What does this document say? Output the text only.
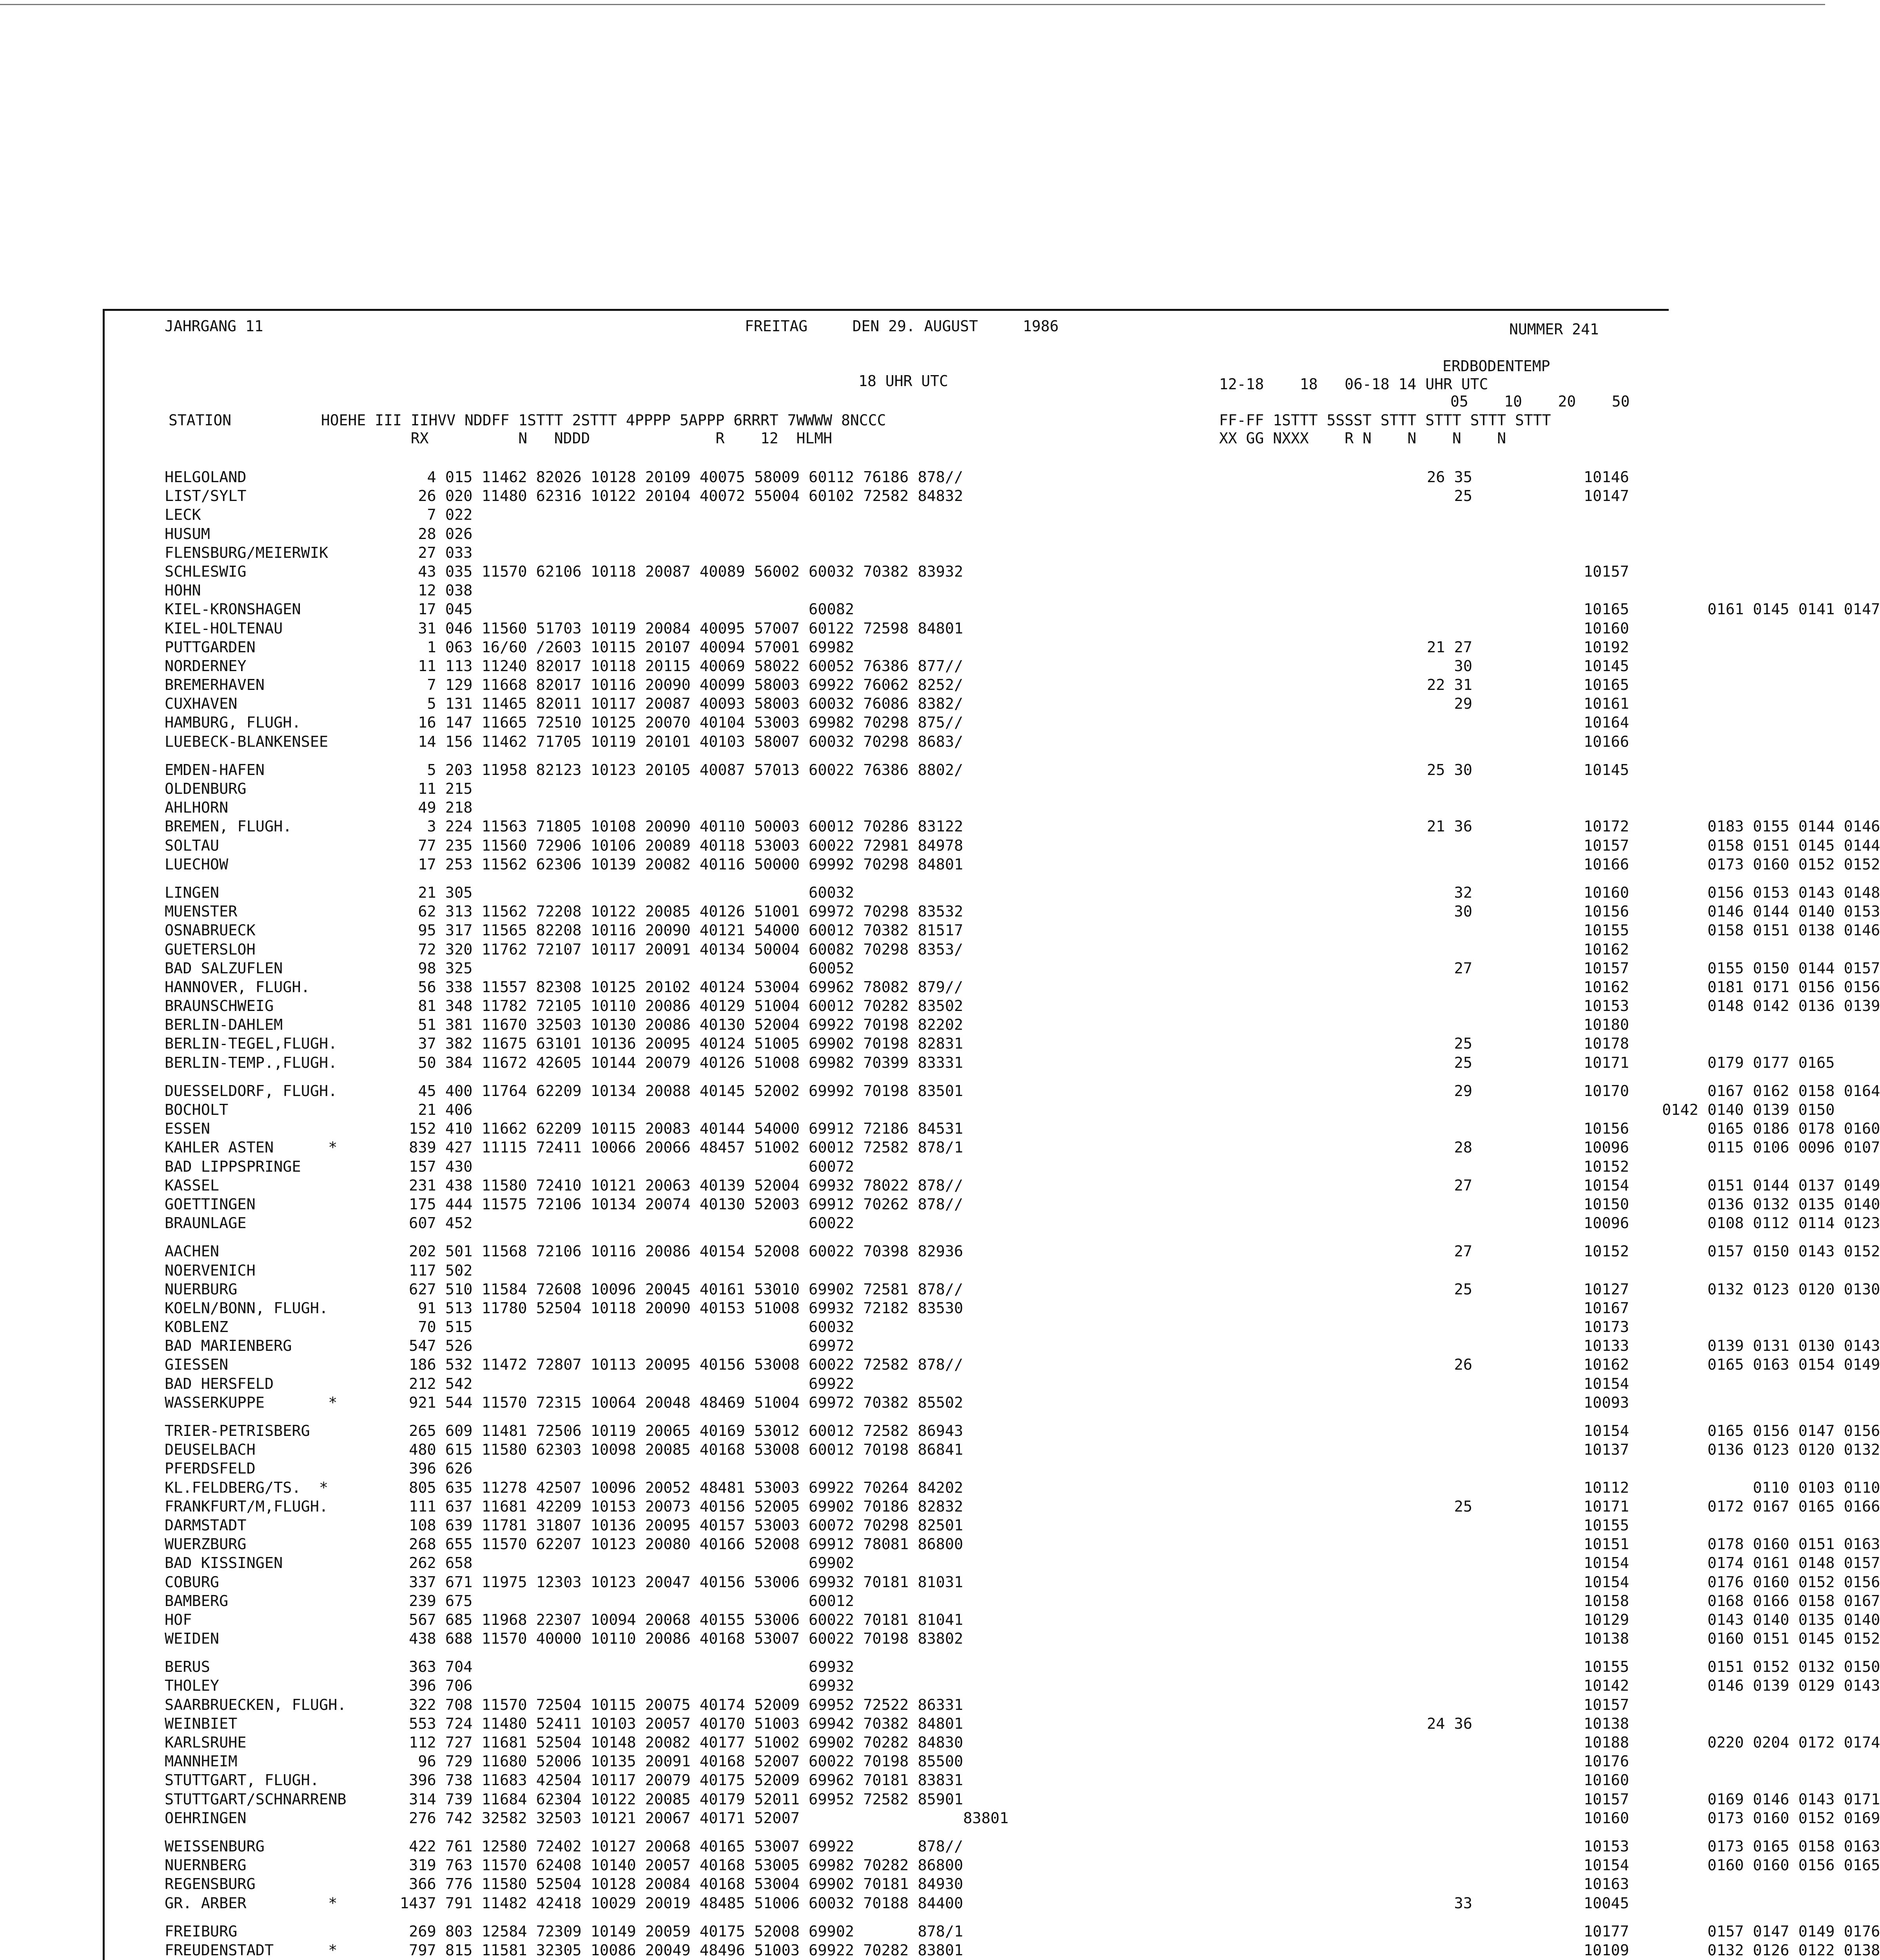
JAHRGANG 11	FREITAG     DEN 29. AUGUST     1986	NUMMER 241
18 UHR UTC
ERDBODENTEMP
12-18    18   06-18 14 UHR UTC
05    10    20    50
STATION          HOEHE III IIHVV NDDFF 1STTT 2STTT 4PPPP 5APPP 6RRRT 7WWWW 8NCCC
RX          N   NDDD              R    12  HLMH
FF-FF 1STTT 5SSST STTT STTT STTT STTT
XX GG NXXX    R N    N    N    N
HELGOLAND	4 015 11462 82026 10128 20109 40075 58009 60112 76186 878//	26 35	10146
LIST/SYLT	26 020 11480 62316 10122 20104 40072 55004 60102 72582 84832	25	10147
LECK	7 022
HUSUM	28 026
FLENSBURG/MEIERWIK	27 033
SCHLESWIG	43 035 11570 62106 10118 20087 40089 56002 60032 70382 83932	10157
HOHN	12 038
KIEL-KRONSHAGEN	17 045                                     60082	10165	0161 0145 0141 0147
KIEL-HOLTENAU	31 046 11560 51703 10119 20084 40095 57007 60122 72598 84801	10160
PUTTGARDEN	1 063 16/60 /2603 10115 20107 40094 57001 69982	21 27	10192
NORDERNEY	11 113 11240 82017 10118 20115 40069 58022 60052 76386 877//	30	10145
BREMERHAVEN	7 129 11668 82017 10116 20090 40099 58003 69922 76062 8252/	22 31	10165
CUXHAVEN	5 131 11465 82011 10117 20087 40093 58003 60032 76086 8382/	29	10161
HAMBURG, FLUGH.	16 147 11665 72510 10125 20070 40104 53003 69982 70298 875//	10164
LUEBECK-BLANKENSEE	14 156 11462 71705 10119 20101 40103 58007 60032 70298 8683/	10166
EMDEN-HAFEN	5 203 11958 82123 10123 20105 40087 57013 60022 76386 8802/	25 30	10145
OLDENBURG	11 215
AHLHORN	49 218
BREMEN, FLUGH.	3 224 11563 71805 10108 20090 40110 50003 60012 70286 83122	21 36	10172	0183 0155 0144 0146
SOLTAU	77 235 11560 72906 10106 20089 40118 53003 60022 72981 84978	10157	0158 0151 0145 0144
LUECHOW	17 253 11562 62306 10139 20082 40116 50000 69992 70298 84801	10166	0173 0160 0152 0152
LINGEN	21 305                                     60032	32	10160	0156 0153 0143 0148
MUENSTER	62 313 11562 72208 10122 20085 40126 51001 69972 70298 83532	30	10156	0146 0144 0140 0153
OSNABRUECK	95 317 11565 82208 10116 20090 40121 54000 60012 70382 81517	10155	0158 0151 0138 0146
GUETERSLOH	72 320 11762 72107 10117 20091 40134 50004 60082 70298 8353/	10162
BAD SALZUFLEN	98 325                                     60052	27	10157	0155 0150 0144 0157
HANNOVER, FLUGH.	56 338 11557 82308 10125 20102 40124 53004 69962 78082 879//	10162	0181 0171 0156 0156
BRAUNSCHWEIG	81 348 11782 72105 10110 20086 40129 51004 60012 70282 83502	10153	0148 0142 0136 0139
BERLIN-DAHLEM	51 381 11670 32503 10130 20086 40130 52004 69922 70198 82202	10180
BERLIN-TEGEL,FLUGH.	37 382 11675 63101 10136 20095 40124 51005 69902 70198 82831	25	10178
BERLIN-TEMP.,FLUGH.	50 384 11672 42605 10144 20079 40126 51008 69982 70399 83331	25	10171	0179 0177 0165
DUESSELDORF, FLUGH.	45 400 11764 62209 10134 20088 40145 52002 69992 70198 83501	29	10170	0167 0162 0158 0164
BOCHOLT	21 406	0142 0140 0139 0150
ESSEN	152 410 11662 62209 10115 20083 40144 54000 69912 72186 84531	10156	0165 0186 0178 0160
KAHLER ASTEN      *	839 427 11115 72411 10066 20066 48457 51002 60012 72582 878/1	28	10096	0115 0106 0096 0107
BAD LIPPSPRINGE	157 430                                     60072	10152
KASSEL	231 438 11580 72410 10121 20063 40139 52004 69932 78022 878//	27	10154	0151 0144 0137 0149
GOETTINGEN	175 444 11575 72106 10134 20074 40130 52003 69912 70262 878//	10150	0136 0132 0135 0140
BRAUNLAGE	607 452                                     60022	10096	0108 0112 0114 0123
AACHEN	202 501 11568 72106 10116 20086 40154 52008 60022 70398 82936	27	10152	0157 0150 0143 0152
NOERVENICH	117 502
NUERBURG	627 510 11584 72608 10096 20045 40161 53010 69902 72581 878//	25	10127	0132 0123 0120 0130
KOELN/BONN, FLUGH.	91 513 11780 52504 10118 20090 40153 51008 69932 72182 83530	10167
KOBLENZ	70 515                                     60032	10173
BAD MARIENBERG	547 526                                     69972	10133	0139 0131 0130 0143
GIESSEN	186 532 11472 72807 10113 20095 40156 53008 60022 72582 878//	26	10162	0165 0163 0154 0149
BAD HERSFELD	212 542                                     69922	10154
WASSERKUPPE       *	921 544 11570 72315 10064 20048 48469 51004 69972 70382 85502	10093
TRIER-PETRISBERG	265 609 11481 72506 10119 20065 40169 53012 60012 72582 86943	10154	0165 0156 0147 0156
DEUSELBACH	480 615 11580 62303 10098 20085 40168 53008 60012 70198 86841	10137	0136 0123 0120 0132
PFERDSFELD	396 626
KL.FELDBERG/TS.  *	805 635 11278 42507 10096 20052 48481 53003 69922 70264 84202	10112	0110 0103 0110
FRANKFURT/M,FLUGH.	111 637 11681 42209 10153 20073 40156 52005 69902 70186 82832	25	10171	0172 0167 0165 0166
DARMSTADT	108 639 11781 31807 10136 20095 40157 53003 60072 70298 82501	10155
WUERZBURG	268 655 11570 62207 10123 20080 40166 52008 69912 78081 86800	10151	0178 0160 0151 0163
BAD KISSINGEN	262 658                                     69902	10154	0174 0161 0148 0157
COBURG	337 671 11975 12303 10123 20047 40156 53006 69932 70181 81031	10154	0176 0160 0152 0156
BAMBERG	239 675                                     60012	10158	0168 0166 0158 0167
HOF	567 685 11968 22307 10094 20068 40155 53006 60022 70181 81041	10129	0143 0140 0135 0140
WEIDEN	438 688 11570 40000 10110 20086 40168 53007 60022 70198 83802	10138	0160 0151 0145 0152
BERUS	363 704                                     69932	10155	0151 0152 0132 0150
THOLEY	396 706                                     69932	10142	0146 0139 0129 0143
SAARBRUECKEN, FLUGH.	322 708 11570 72504 10115 20075 40174 52009 69952 72522 86331	10157
WEINBIET	553 724 11480 52411 10103 20057 40170 51003 69942 70382 84801	24 36	10138
KARLSRUHE	112 727 11681 52504 10148 20082 40177 51002 69902 70282 84830	10188	0220 0204 0172 0174
MANNHEIM	96 729 11680 52006 10135 20091 40168 52007 60022 70198 85500	10176
STUTTGART, FLUGH.	396 738 11683 42504 10117 20079 40175 52009 69962 70181 83831	10160
STUTTGART/SCHNARRENB	314 739 11684 62304 10122 20085 40179 52011 69952 72582 85901	10157	0169 0146 0143 0171
OEHRINGEN	276 742 32582 32503 10121 20067 40171 52007                  83801	10160	0173 0160 0152 0169
WEISSENBURG	422 761 12580 72402 10127 20068 40165 53007 69922       878//	10153	0173 0165 0158 0163
NUERNBERG	319 763 11570 62408 10140 20057 40168 53005 69982 70282 86800	10154	0160 0160 0156 0165
REGENSBURG	366 776 11580 52504 10128 20084 40168 53004 69902 70181 84930	10163
GR. ARBER         *	1437 791 11482 42418 10029 20019 48485 51006 60032 70188 84400	33	10045
FREIBURG	269 803 12584 72309 10149 20059 40175 52008 69902       878/1	10177	0157 0147 0149 0176
FREUDENSTADT      *	797 815 11581 32305 10086 20049 48496 51003 69922 70282 83801	10109	0132 0126 0122 0138
